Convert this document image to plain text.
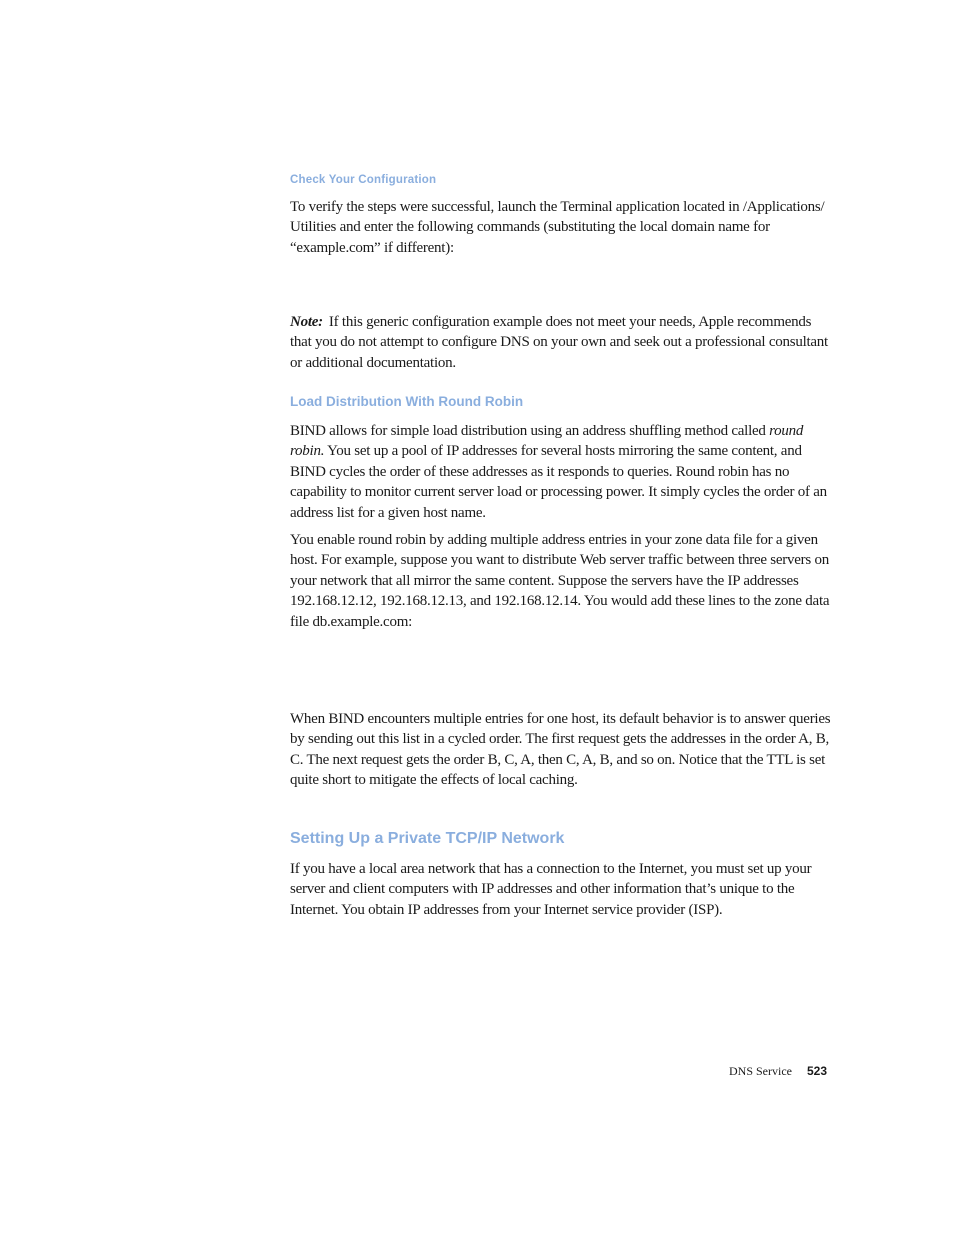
Check Your Configuration

To verify the steps were successful, launch the Terminal application located in /Applications/ Utilities and enter the following commands (substituting the local domain name for “example.com” if different):

Note: If this generic configuration example does not meet your needs, Apple recommends that you do not attempt to configure DNS on your own and seek out a professional consultant or additional documentation.

Load Distribution With Round Robin

BIND allows for simple load distribution using an address shuffling method called round robin. You set up a pool of IP addresses for several hosts mirroring the same content, and BIND cycles the order of these addresses as it responds to queries. Round robin has no capability to monitor current server load or processing power. It simply cycles the order of an address list for a given host name.

You enable round robin by adding multiple address entries in your zone data file for a given host. For example, suppose you want to distribute Web server traffic between three servers on your network that all mirror the same content. Suppose the servers have the IP addresses 192.168.12.12, 192.168.12.13, and 192.168.12.14. You would add these lines to the zone data file db.example.com:

When BIND encounters multiple entries for one host, its default behavior is to answer queries by sending out this list in a cycled order. The first request gets the addresses in the order A, B, C. The next request gets the order B, C, A, then C, A, B, and so on. Notice that the TTL is set quite short to mitigate the effects of local caching.

Setting Up a Private TCP/IP Network

If you have a local area network that has a connection to the Internet, you must set up your server and client computers with IP addresses and other information that’s unique to the Internet. You obtain IP addresses from your Internet service provider (ISP).

DNS Service 523
